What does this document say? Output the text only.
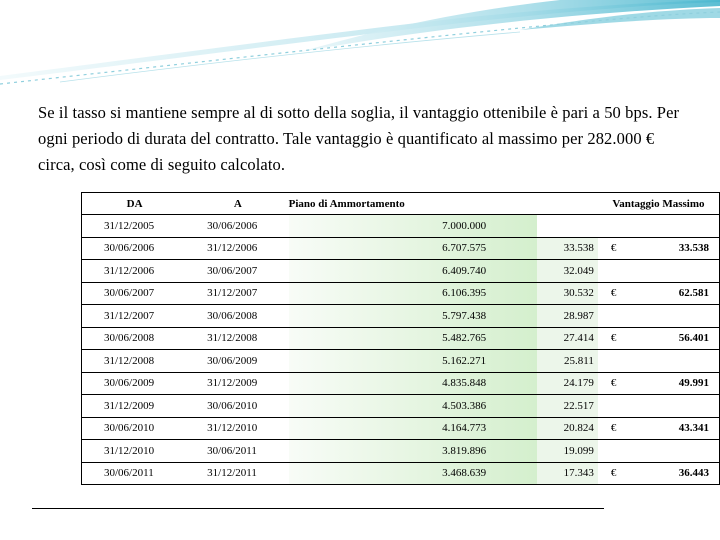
Se il tasso si mantiene sempre al di sotto della soglia, il vantaggio ottenibile è pari a 50 bps. Per ogni periodo di durata del contratto. Tale vantaggio è quantificato al massimo per 282.000 € circa, così come di seguito calcolato.
DA	A	Piano di Ammortamento		Vantaggio Massimo	
31/12/2005	30/06/2006	7.000.000			
30/06/2006	31/12/2006	6.707.575	33.538	€	33.538
31/12/2006	30/06/2007	6.409.740	32.049		
30/06/2007	31/12/2007	6.106.395	30.532	€	62.581
31/12/2007	30/06/2008	5.797.438	28.987		
30/06/2008	31/12/2008	5.482.765	27.414	€	56.401
31/12/2008	30/06/2009	5.162.271	25.811		
30/06/2009	31/12/2009	4.835.848	24.179	€	49.991
31/12/2009	30/06/2010	4.503.386	22.517		
30/06/2010	31/12/2010	4.164.773	20.824	€	43.341
31/12/2010	30/06/2011	3.819.896	19.099		
30/06/2011	31/12/2011	3.468.639	17.343	€	36.443
